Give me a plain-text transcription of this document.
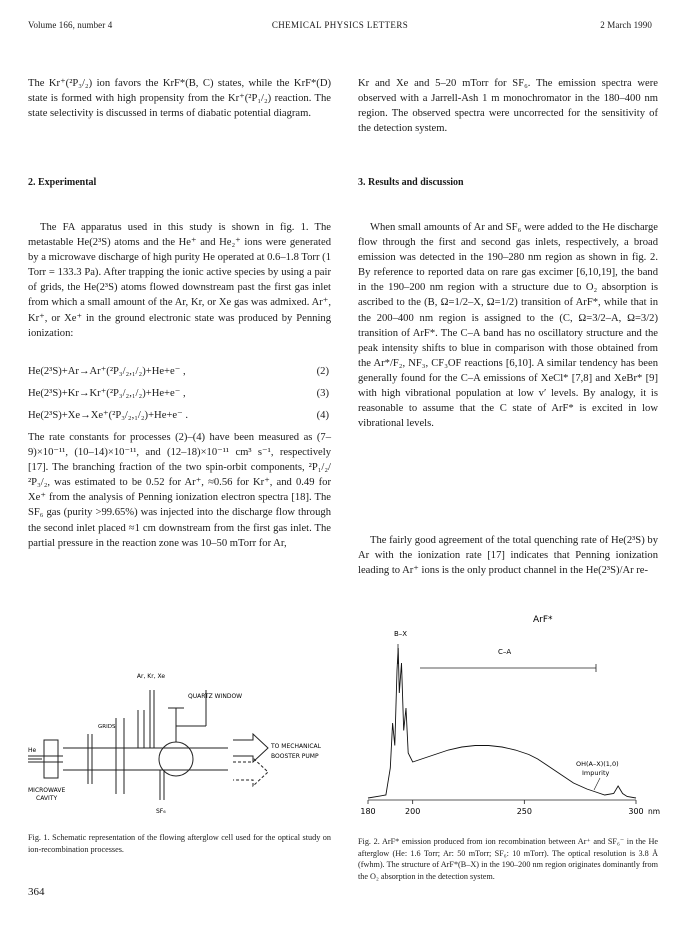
Volume 166, number 4	CHEMICAL PHYSICS LETTERS	2 March 1990

The Kr⁺(²P₃/₂) ion favors the KrF*(B, C) states, while the KrF*(D) state is formed with high propensity from the Kr⁺(²P₁/₂) reaction. The state selectivity is discussed in terms of diabatic potential diagram.

2. Experimental

The FA apparatus used in this study is shown in fig. 1. The metastable He(2³S) atoms and the He⁺ and He₂⁺ ions were generated by a microwave discharge of high purity He operated at 0.6–1.8 Torr (1 Torr = 133.3 Pa). After trapping the ionic active species by using a pair of grids, the He(2³S) atoms flowed downstream past the first gas inlet from which a small amount of the Ar, Kr, or Xe gas was admixed. Ar⁺, Kr⁺, or Xe⁺ in the ground electronic state was produced by Penning ionization:

He(2³S)+Ar→Ar⁺(²P₃/₂,₁/₂)+He+e⁻ ,	(2)
He(2³S)+Kr→Kr⁺(²P₃/₂,₁/₂)+He+e⁻ ,	(3)
He(2³S)+Xe→Xe⁺(²P₃/₂,₁/₂)+He+e⁻ .	(4)

The rate constants for processes (2)–(4) have been measured as (7–9)×10⁻¹¹, (10–14)×10⁻¹¹, and (12–18)×10⁻¹¹ cm³ s⁻¹, respectively [17]. The branching fraction of the two spin-orbit components, ²P₁/₂/²P₃/₂, was estimated to be 0.52 for Ar⁺, ≈0.56 for Kr⁺, and 0.49 for Xe⁺ from the analysis of Penning ionization electron spectra [18]. The SF₆ gas (purity >99.65%) was injected into the discharge flow through the second inlet placed ≈1 cm downstream from the first gas inlet. The partial pressure in the reaction zone was 10–50 mTorr for Ar,

Ar, Kr, Xe
QUARTZ WINDOW
GRIDS
TO MECHANICAL
BOOSTER PUMP
He
MICROWAVE
CAVITY
SF₆
Fig. 1. Schematic representation of the flowing afterglow cell used for the optical study on ion-recombination processes.
364

Kr and Xe and 5–20 mTorr for SF₆. The emission spectra were observed with a Jarrell-Ash 1 m monochromator in the 180–400 nm region. The observed spectra were uncorrected for the sensitivity of the detection system.

3. Results and discussion

When small amounts of Ar and SF₆ were added to the He discharge flow through the first and second gas inlets, respectively, a broad emission was detected in the 190–280 nm region as shown in fig. 2. By reference to reported data on rare gas excimer [6,10,19], the band in the 190–200 nm region with a structure due to O₂ absorption is ascribed to the (B, Ω=1/2–X, Ω=1/2) transition of ArF*, while that in the 200–400 nm region is assigned to the (C, Ω=3/2–A, Ω=3/2) transition of ArF*. The C–A band has no oscillatory structure and the peak intensity shifts to blue in comparison with those obtained from the Ar*/F₂, NF₃, CF₃OF reactions [6,10]. A similar tendency has been generally found for the C–A emissions of XeCl* [7,8] and XeBr* [9] with high vibrational population at low v′ levels. By analogy, it is reasonable to assume that the C state of ArF* is excited in low vibrational levels.

The fairly good agreement of the total quenching rate of He(2³S) by Ar with the ionization rate [17] indicates that Penning ionization leading to Ar⁺ ions is the only product channel in the He(2³S)/Ar re-

ArF*
B–X
C–A
OH(A–X)(1,0)
Impurity
180	200	250	300 nm
Fig. 2. ArF* emission produced from ion recombination between Ar⁺ and SF₆⁻ in the He afterglow (He: 1.6 Torr; Ar: 50 mTorr; SF₆: 10 mTorr). The optical resolution is 3.8 Å (fwhm). The structure of ArF*(B–X) in the 190–200 nm region originates dominantly from the O₂ absorption in the detection system.
